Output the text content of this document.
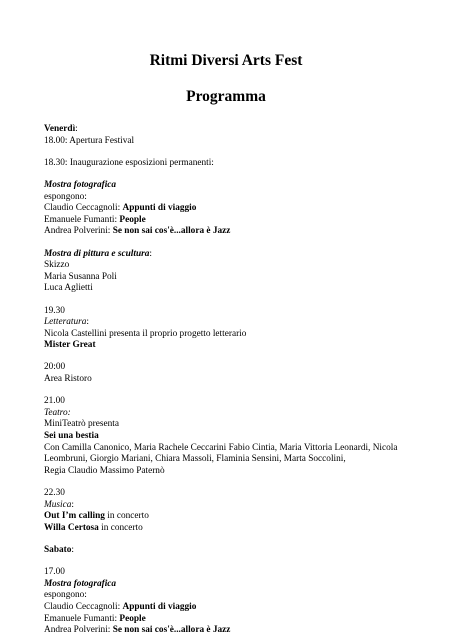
Ritmi Diversi Arts Fest
Programma
Venerdì:
18.00: Apertura Festival
18.30: Inaugurazione esposizioni permanenti:
Mostra fotografica
espongono:
Claudio Ceccagnoli: Appunti di viaggio
Emanuele Fumanti: People
Andrea Polverini: Se non sai cos'è...allora è Jazz
Mostra di pittura e scultura:
Skizzo
Maria Susanna Poli
Luca Aglietti
19.30
Letteratura:
Nicola Castellini presenta il proprio progetto letterario
Mister Great
20:00
Area Ristoro
21.00
Teatro:
MiniTeatrò presenta
Sei una bestia
Con Camilla Canonico, Maria Rachele Ceccarini Fabio Cintia, Maria Vittoria Leonardi, Nicola Leombruni, Giorgio Mariani, Chiara Massoli, Flaminia Sensini, Marta Soccolini,
Regia Claudio Massimo Paternò
22.30
Musica:
Out I’m calling in concerto
Willa Certosa in concerto
Sabato:
17.00
Mostra fotografica
espongono:
Claudio Ceccagnoli: Appunti di viaggio
Emanuele Fumanti: People
Andrea Polverini: Se non sai cos'è...allora è Jazz
